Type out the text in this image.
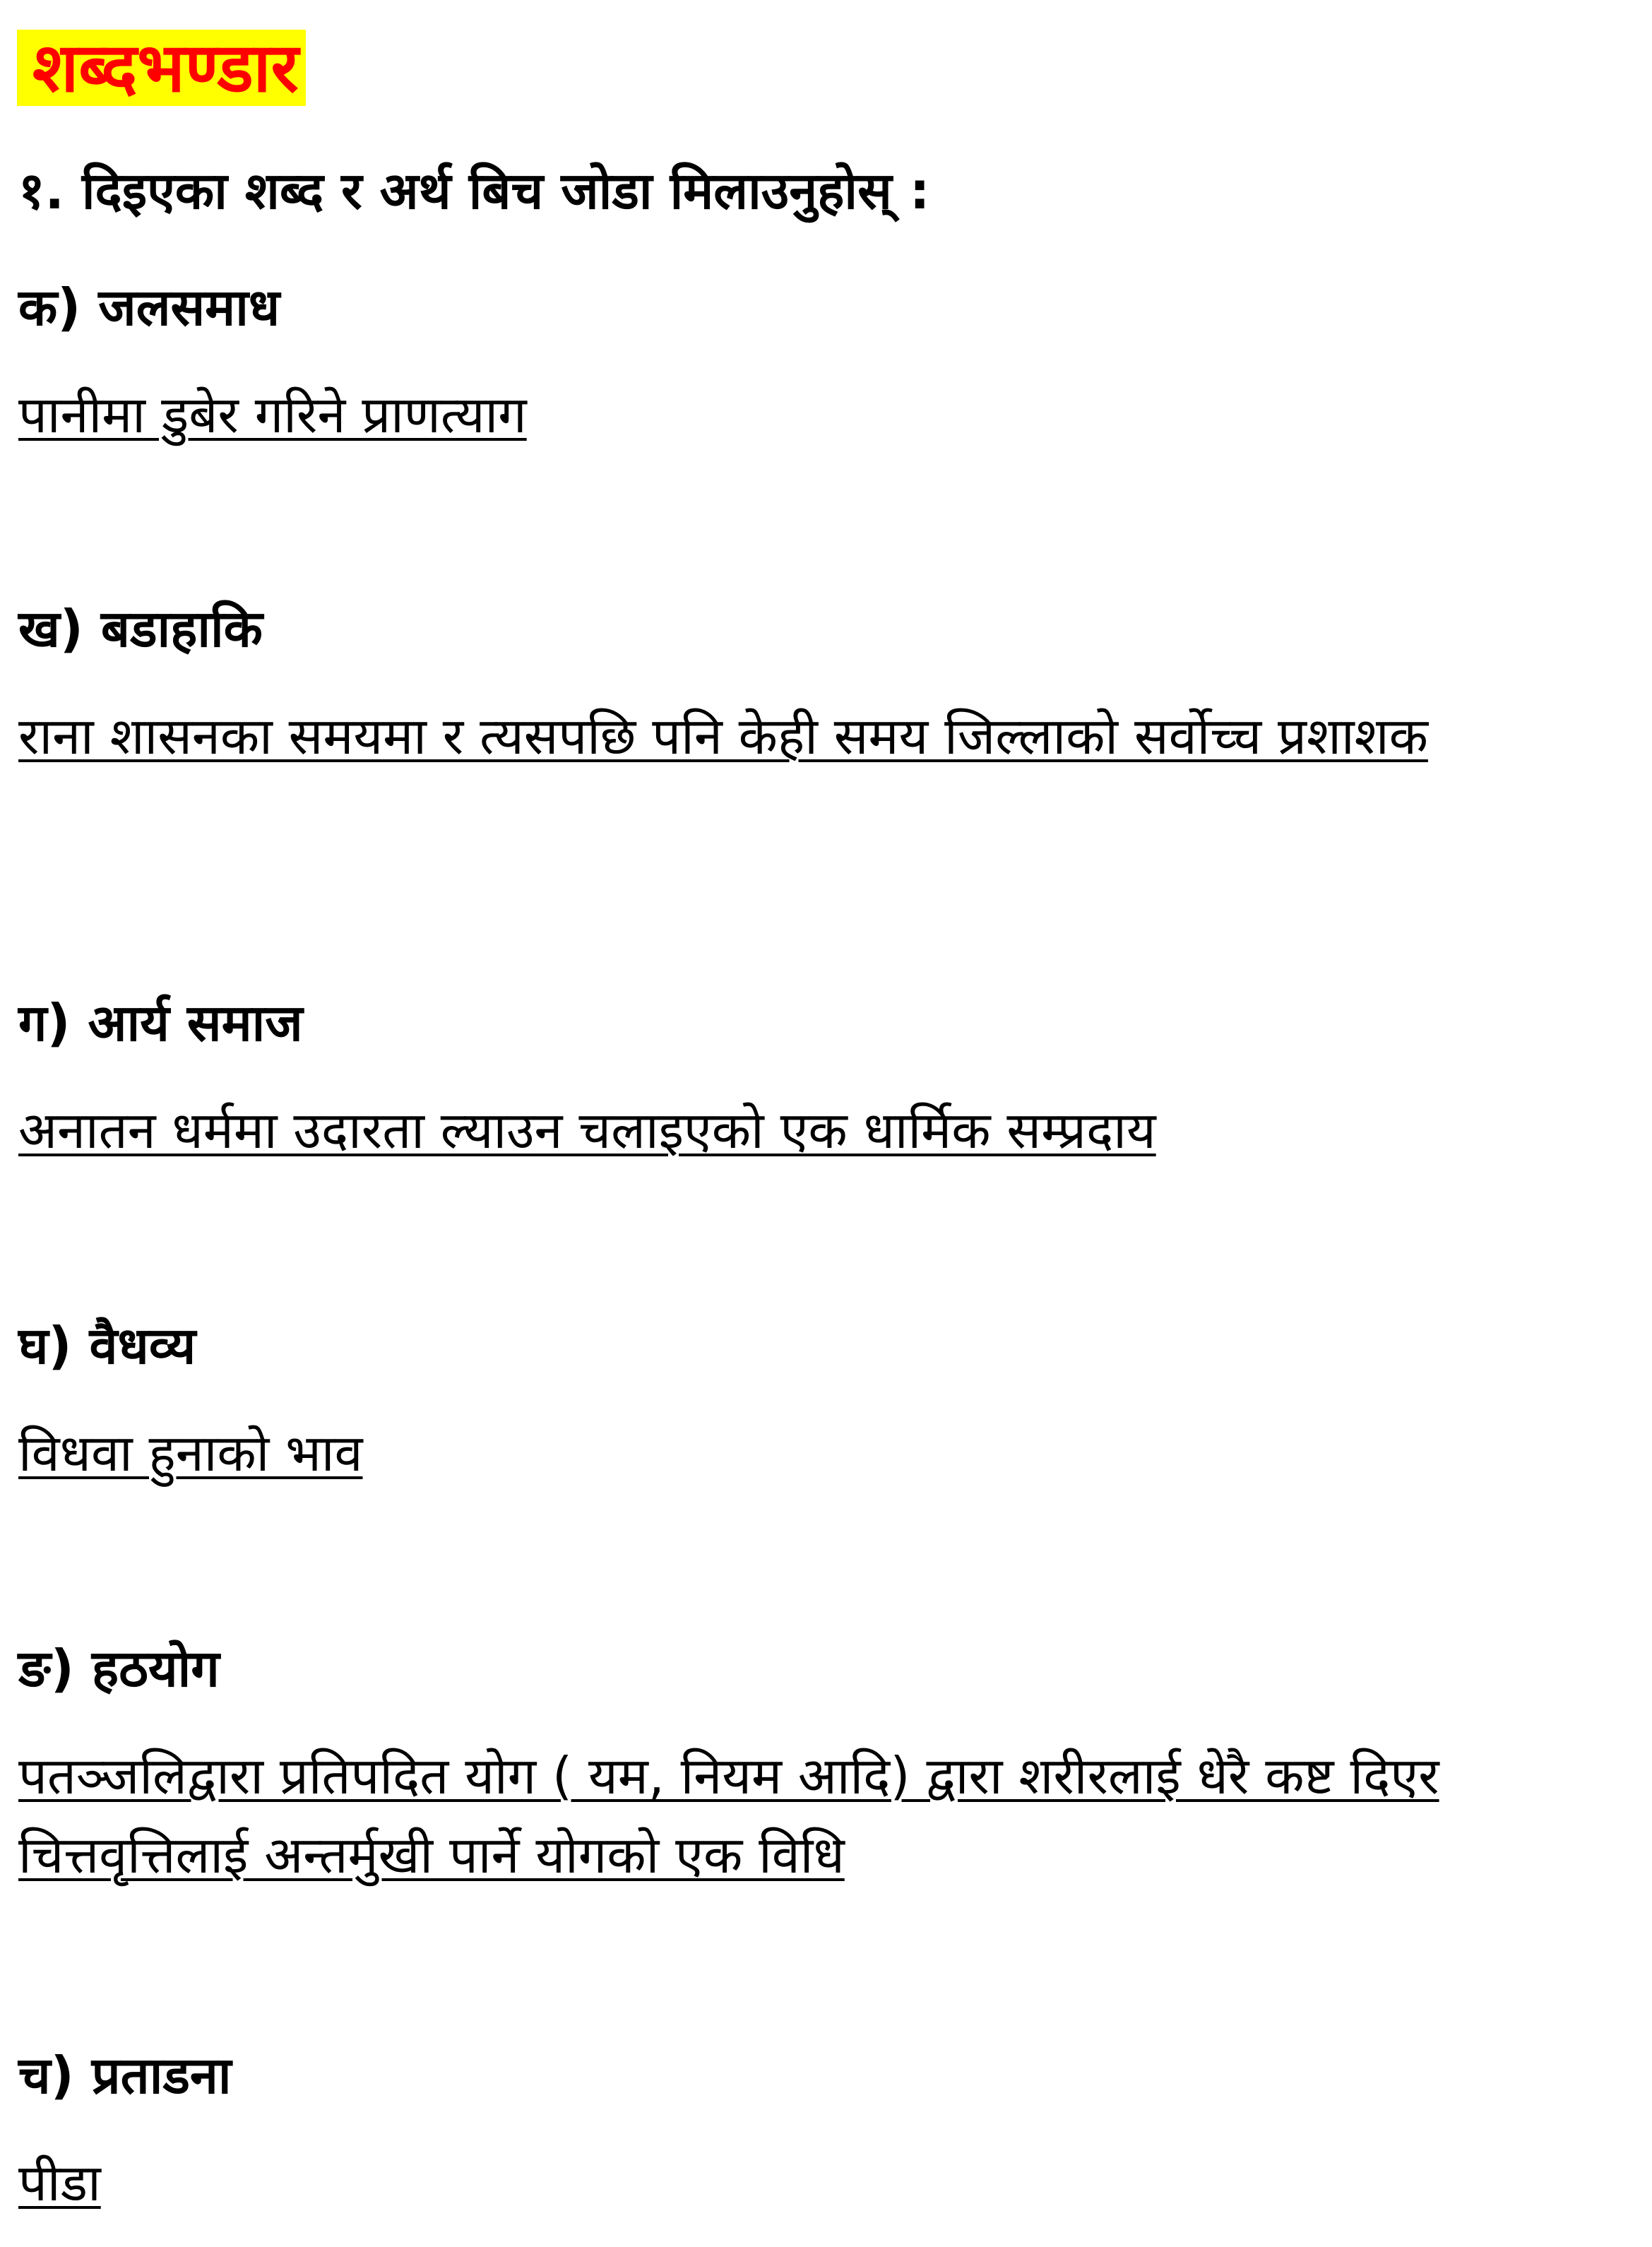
शब्दभण्डार
१. दिइएका शब्द र अर्थ बिच जोडा मिलाउनुहोस् :

क) जलसमाध

पानीमा डुबेर गरिने प्राणत्याग

ख) बडाहाकि

राना शासनका समयमा र त्यसपछि पनि केही समय जिल्लाको सर्वोच्च प्रशाशक

ग) आर्य समाज

अनातन धर्ममा उदारता ल्याउन चलाइएको एक धार्मिक सम्प्रदाय

घ) वैधव्य

विधवा हुनाको भाव

ङ) हठयोग

पतञ्जलिद्वारा प्रतिपदित योग ( यम, नियम आदि) द्वारा शरीरलाई धेरै कष्ट दिएर चित्तवृत्तिलाई अन्तर्मुखी पार्ने योगको एक विधि

च) प्रताडना

पीडा
